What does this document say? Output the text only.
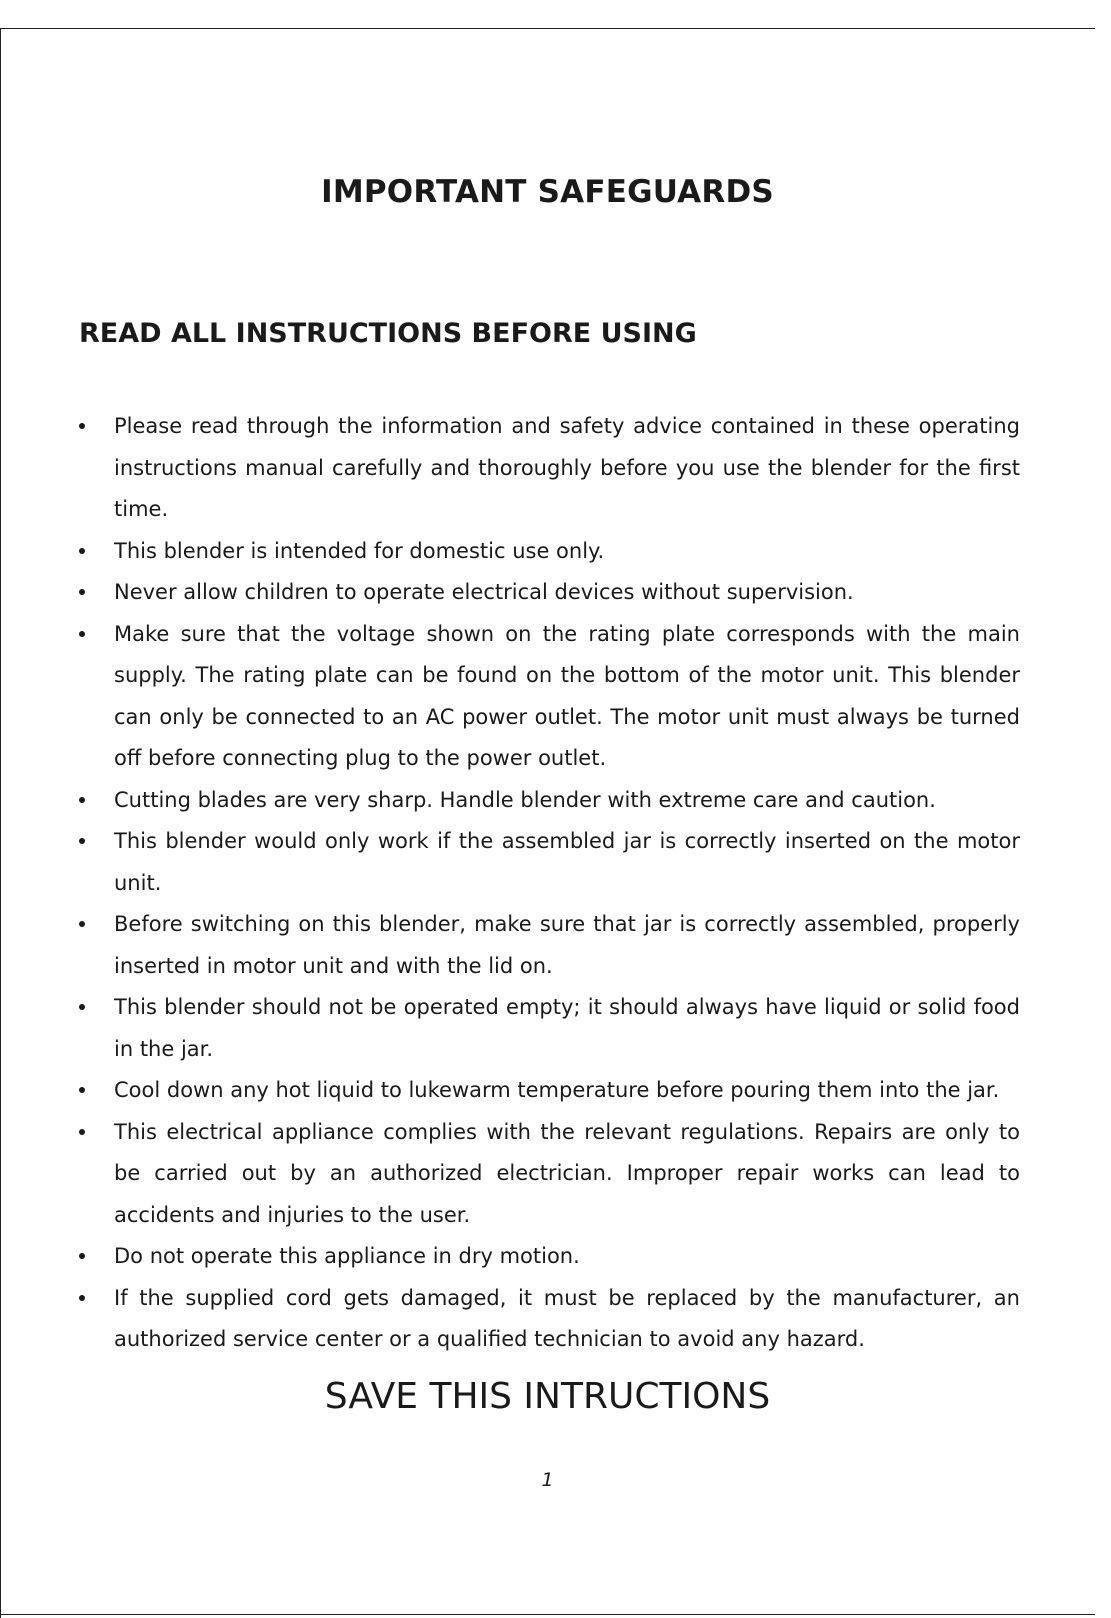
IMPORTANT SAFEGUARDS
READ ALL INSTRUCTIONS BEFORE USING
Please read through the information and safety advice contained in these operating instructions manual carefully and thoroughly before you use the blender for the first time.
This blender is intended for domestic use only.
Never allow children to operate electrical devices without supervision.
Make sure that the voltage shown on the rating plate corresponds with the main supply. The rating plate can be found on the bottom of the motor unit. This blender can only be connected to an AC power outlet. The motor unit must always be turned off before connecting plug to the power outlet.
Cutting blades are very sharp. Handle blender with extreme care and caution.
This blender would only work if the assembled jar is correctly inserted on the motor unit.
Before switching on this blender, make sure that jar is correctly assembled, properly inserted in motor unit and with the lid on.
This blender should not be operated empty; it should always have liquid or solid food in the jar.
Cool down any hot liquid to lukewarm temperature before pouring them into the jar.
This electrical appliance complies with the relevant regulations. Repairs are only to be carried out by an authorized electrician. Improper repair works can lead to accidents and injuries to the user.
Do not operate this appliance in dry motion.
If the supplied cord gets damaged, it must be replaced by the manufacturer, an authorized service center or a qualified technician to avoid any hazard.
SAVE THIS INTRUCTIONS
1
